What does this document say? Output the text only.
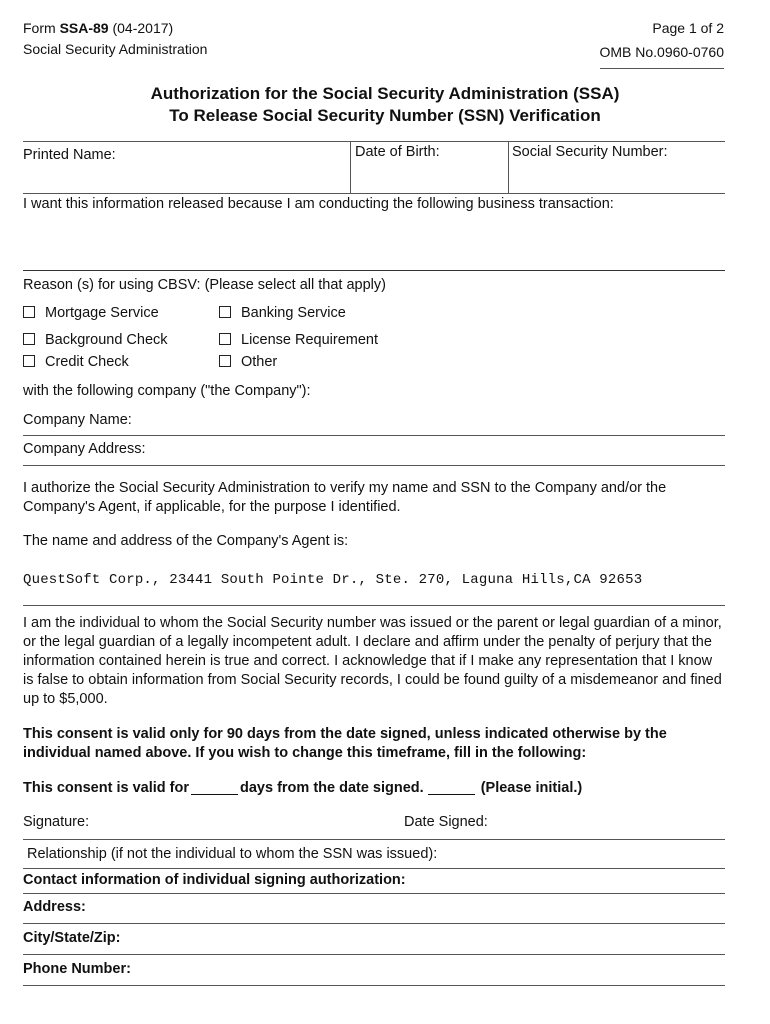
Form SSA-89 (04-2017)
Social Security Administration
Page 1 of 2
OMB No.0960-0760
Authorization for the Social Security Administration (SSA)
To Release Social Security Number (SSN) Verification
Printed Name:	Date of Birth:	Social Security Number:
I want this information released because I am conducting the following business transaction:
Reason (s) for using CBSV: (Please select all that apply)
Mortgage Service	Banking Service
Background Check	License Requirement
Credit Check	Other
with the following company ("the Company"):
Company Name:
Company Address:
I authorize the Social Security Administration to verify my name and SSN to the Company and/or the Company's Agent, if applicable, for the purpose I identified.
The name and address of the Company's Agent is:
QuestSoft Corp., 23441 South Pointe Dr., Ste. 270, Laguna Hills,CA 92653
I am the individual to whom the Social Security number was issued or the parent or legal guardian of a minor, or the legal guardian of a legally incompetent adult. I declare and affirm under the penalty of perjury that the information contained herein is true and correct. I acknowledge that if I make any representation that I know is false to obtain information from Social Security records, I could be found guilty of a misdemeanor and fined up to $5,000.
This consent is valid only for 90 days from the date signed, unless indicated otherwise by the individual named above. If you wish to change this timeframe, fill in the following:
This consent is valid for	days from the date signed.	(Please initial.)
Signature:	Date Signed:
Relationship (if not the individual to whom the SSN was issued):
Contact information of individual signing authorization:
Address:
City/State/Zip:
Phone Number:
